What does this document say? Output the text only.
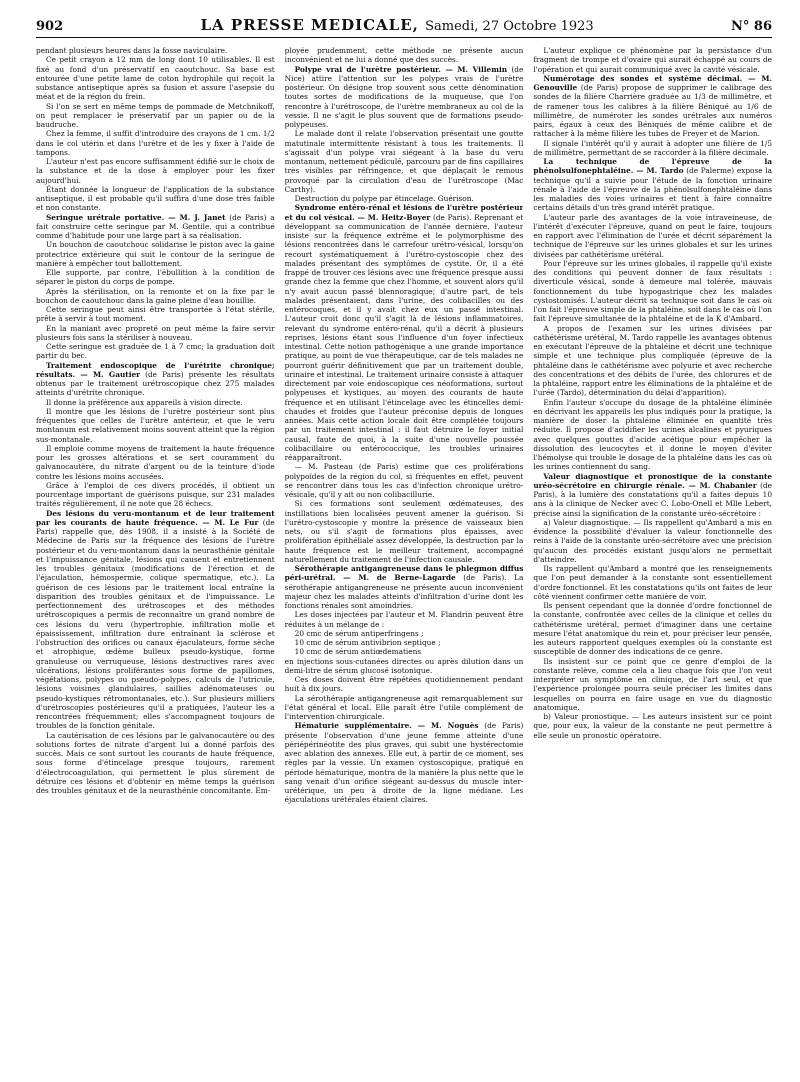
902	LA PRESSE MEDICALE, Samedi, 27 Octobre 1923	N° 86

pendant plusieurs heures dans la fosse naviculaire.

Ce petit crayon a 12 mm de long dont 10 utilisables. Il est fixé au fond d'un préservatif en caoutchouc. Sa base est entourée d'une petite lame de coton hydrophile qui reçoit la substance antiseptique après sa fusion et assure l'asepsie du méat et de la région du frein.

Si l'on se sert en même temps de pommade de Metchnikoff, on peut remplacer le préservatif par un papier ou de la baudruche.

Chez la femme, il suffit d'introduire des crayons de 1 cm. 1/2 dans le col utérin et dans l'urètre et de les y fixer à l'aide de tampons.

L'auteur n'est pas encore suffisamment édifié sur le choix de la substance et de la dose à employer pour les fixer aujourd'hui.

Étant donnée la longueur de l'application de la substance antiseptique, il est probable qu'il suffira d'une dose très faible et non constante.

Seringue urétrale portative. — M. J. Janet (de Paris) a fait construire cette seringue par M. Gentile, qui a contribué comme d'habitude pour une large part à sa réalisation.

Un bouchon de caoutchouc solidarise le piston avec la gaine protectrice extérieure qui suit le contour de la seringue de manière à empêcher tout ballottement.

Elle supporte, par contre, l'ébullition à la condition de séparer le piston du corps de pompe.

Après la stérilisation, on la remonte et on la fixe par le bouchon de caoutchouc dans la gaine pleine d'eau bouillie.

Cette seringue peut ainsi être transportée à l'état stérile, prête à servir à tout moment.

En la maniant avec propreté on peut même la faire servir plusieurs fois sans la stériliser à nouveau.

Cette seringue est graduée de 1 à 7 cmc; la graduation doit partir du bec.

Traitement endoscopique de l'urétrite chronique; résultats. — M. Gautier (de Paris) présente les résultats obtenus par le traitement urétroscopique chez 275 malades atteints d'urétrite chronique.

Il donne la préférence aux appareils à vision directe.

Il montre que les lésions de l'urètre postérieur sont plus fréquentes que celles de l'urètre antérieur, et que le veru montanum est relativement moins souvent atteint que la région sus-montanale.

Il emploie comme moyens de traitement la haute fréquence pour les grosses altérations et se sert couramment du galvanocautère, du nitrate d'argent ou de la teinture d'iode contre les lésions moins accusées.

Grâce à l'emploi de ces divers procédés, il obtient un pourcentage important de guérisons puisque, sur 231 malades traités régulièrement, il ne note que 28 échecs.

Des lésions du veru-montanum et de leur traitement par les courants de haute fréquence. — M. Le Fur (de Paris) rappelle que, dès 1908, il a insisté à la Société de Médecine de Paris sur la fréquence des lésions de l'urètre postérieur et du veru-montanum dans la neurasthénie génitale et l'impuissance génitale, lésions qui causent et entretiennent les troubles génitaux (modifications de l'érection et de l'éjaculation, hémospermie, colique spermatique, etc.). La guérison de ces lésions par le traitement local entraîne la disparition des troubles génitaux et de l'impuissance. Le perfectionnement des urétroscopes et des méthodes urétroscopiques a permis de reconnaître un grand nombre de ces lésions du veru (hypertrophie, infiltration molle et épaississement, infiltration dure entraînant la sclérose et l'obstruction des orifices ou canaux éjaculateurs, forme sèche et atrophique, œdème bulleux pseudo-kystique, forme granuleuse ou verruqueuse, lésions destructives rares avec ulcérations, lésions proliférantes sous forme de papillomes, végétations, polypes ou pseudo-polypes, calculs de l'utricule, lésions voisines glandulaires, saillies adénomateuses ou pseudo-kystiques rétromontanales, etc.). Sur plusieurs milliers d'urétroscopies postérieures qu'il a pratiquées, l'auteur les a rencontrées fréquemment; elles s'accompagnent toujours de troubles de la fonction génitale.

La cautérisation de ces lésions par le galvanocautère ou des solutions fortes de nitrate d'argent lui a donné parfois des succès. Mais ce sont surtout les courants de haute fréquence, sous forme d'étincelage presque toujours, rarement d'électrocoagulation, qui permettent le plus sûrement de détruire ces lésions et d'obtenir en même temps la guérison des troubles génitaux et de la neurasthénie concomitante. Em-

ployée prudemment, cette méthode ne présente aucun inconvénient et ne lui a donné que des succès.

Polype vrai de l'urètre postérieur. — M. Villemin (de Nice) attire l'attention sur les polypes vrais de l'urètre postérieur. On désigne trop souvent sous cette dénomination toutes sortes de modifications de la muqueuse, que l'on rencontre à l'urétroscope, de l'urètre membraneux au col de la vessie. Il ne s'agit le plus souvent que de formations pseudo-polypeuses.

Le malade dont il relate l'observation présentait une goutte matutinale intermittente résistant à tous les traitements. Il s'agissait d'un polype vrai siégeant à la base du veru montanum, nettement pédiculé, parcouru par de fins capillaires très visibles par réfringence, et que déplaçait le remous provoqué par la circulation d'eau de l'urétroscope (Mac Carthy).

Destruction du polype par étincelage. Guérison.

Syndrome entéro-rénal et lésions de l'urètre postérieur et du col vésical. — M. Heitz-Boyer (de Paris). Reprenant et développant sa communication de l'année dernière, l'auteur insiste sur la fréquence extrême et le polymorphisme des lésions rencontrées dans le carrefour urétro-vésical, lorsqu'on recourt systématiquement à l'urétro-cystoscopie chez des malades présentant des symptômes de cystite. Or, il a été frappé de trouver ces lésions avec une fréquence presque aussi grande chez la femme que chez l'homme, et souvent alors qu'il n'y avait aucun passé blennoragique; d'autre part, de tels malades présentaient, dans l'urine, des colibacilles ou des entérocoques, et il y avait chez eux un passé intestinal. L'auteur croit donc qu'il s'agit là de lésions inflammatoires, relevant du syndrome entéro-rénal, qu'il a décrit à plusieurs reprises, lésions étant sous l'influence d'un foyer infectieux intestinal. Cette notion pathogénique a une grande importance pratique, au point de vue thérapeutique, car de tels malades ne pourront guérir définitivement que par un traitement double, urinaire et intestinal. Le traitement urinaire consiste à attaquer directement par voie endoscopique ces néoformations, surtout polypeuses et kystiques, au moyen des courants de haute fréquence et en utilisant l'étincelage avec les étincelles demi-chaudes et froides que l'auteur préconise depuis de longues années. Mais cette action locale doit être complétée toujours par un traitement intestinal : il faut détruire le foyer initial causal, faute de quoi, à la suite d'une nouvelle poussée colibacillaire ou entérococcique, les troubles urinaires réapparaîtront.

— M. Pasteau (de Paris) estime que ces proliférations polypoïdes de la région du col, si fréquentes en effet, peuvent se rencontrer dans tous les cas d'infection chronique urétro-vésicale, qu'il y ait ou non colibacillurie.

Si ces formations sont seulement œdémateuses, des instillations bien localisées peuvent amener la guérison. Si l'urétro-cystoscopie y montre la présence de vaisseaux bien nets, ou s'il s'agit de formations plus épaisses, avec prolifération épithéliale assez développée, la destruction par la haute fréquence est le meilleur traitement, accompagné naturellement du traitement de l'infection causale.

Sérothérapie antigangreneuse dans le phlegmon diffus péri-urétral. — M. de Berne-Lagarde (de Paris). La sérothérapie antigangreneuse ne présente aucun inconvénient majeur chez les malades atteints d'infiltration d'urine dont les fonctions rénales sont amoindries.

Les doses injectées par l'auteur et M. Flandrin peuvent être réduites à un mélange de :

20 cmc de sérum antiperfringens ;

10 cmc de sérum antivibrion septique ;

10 cmc de sérum antiœdematiens

en injections sous-cutanées directes ou après dilution dans un demi-litre de sérum glucosé isotonique.

Ces doses doivent être répétées quotidiennement pendant huit à dix jours.

La sérothérapie antigangreneuse agit remarquablement sur l'état général et local. Elle paraît être l'utile complément de l'intervention chirurgicale.

Hématurie supplémentaire. — M. Noguès (de Paris) présente l'observation d'une jeune femme atteinte d'une périépérinéotite des plus graves, qui subit une hystérectomie avec ablation des annexes. Elle eut, à partir de ce moment, ses règles par la vessie. Un examen cystoscopique, pratiqué en période hématurique, montra de la manière la plus nette que le sang venait d'un orifice siégeant au-dessus du muscle inter-urétérique, un peu à droite de la ligne médiane. Les éjaculations urétérales étaient claires.

L'auteur explique ce phénomène par la persistance d'un fragment de trompe et d'ovaire qui aurait échappé au cours de l'opération et qui aurait communiqué avec la cavité vésicale.

Numérotage des sondes et système décimal. — M. Genouville (de Paris) propose de supprimer le calibrage des sondes de la filière Charrière graduée au 1/3 de millimètre, et de ramener tous les calibres à la filière Béniqué au 1/6 de millimètre, de numéroter les sondes urétrales aux numéros pairs, égaux à ceux des Béniqués de même calibre et de rattacher à la même filière les tubes de Freyer et de Marion.

Il signale l'intérêt qu'il y aurait à adopter une filière de 1/5 de millimètre, permettant de se raccorder à la filière décimale.

La technique de l'épreuve de la phénolsulfonephtaléine. — M. Tardo (de Palerme) expose la technique qu'il a suivie pour l'étude de la fonction urinaire rénale à l'aide de l'épreuve de la phénolsulfonephtaléine dans les maladies des voies urinaires et tient à faire connaître certains détails d'un très grand intérêt pratique.

L'auteur parle des avantages de la voie intraveineuse, de l'intérêt d'exécuter l'épreuve, quand on peut le faire, toujours en rapport avec l'élimination de l'urée et décrit séparément la technique de l'épreuve sur les urines globales et sur les urines divisées par cathétérisme urétéral.

Pour l'épreuve sur les urines globales, il rappelle qu'il existe des conditions qui peuvent donner de faux résultats : diverticule vésical, sonde à demeure mal tolérée, mauvais fonctionnement du tube hypogastrique chez les malades cystostomisés. L'auteur décrit sa technique soit dans le cas où l'on fait l'épreuve simple de la phtaléine, soit dans le cas où l'on fait l'épreuve simultanée de la phtaléine et de la K d'Ambard.

A propos de l'examen sur les urines divisées par cathétérisme urétéral, M. Tardo rappelle les avantages obtenus en exécutant l'épreuve de la phtaléine et décrit une technique simple et une technique plus compliquée (épreuve de la phtaléine dans le cathétérisme avec polyurie et avec recherche des concentrations et des débits de l'urée, des chlorures et de la phtaléine, rapport entre les éliminations de la phtaléine et de l'urée (Tardo), détermination du délai d'apparition).

Enfin l'auteur s'occupe du dosage de la phtaléine éliminée en décrivant les appareils les plus indiqués pour la pratique, la manière de doser la phtaléine éliminée en quantité très réduite. Il propose d'acidifier les urines alcalines et pyuriques avec quelques gouttes d'acide acétique pour empêcher la dissolution des leucocytes et il donne le moyen d'éviter l'hémolyse qui trouble le dosage de la phtaléine dans les cas où les urines contiennent du sang.

Valeur diagnostique et pronostique de la constante uréo-sécrétoire en chirurgie rénale. — M. Chabanier (de Paris), à la lumière des constatations qu'il a faites depuis 10 ans à la clinique de Necker avec C. Lobo-Onell et Mlle Lebert, précise ainsi la signification de la constante uréo-sécrétoire :

a) Valeur diagnostique. — Ils rappellent qu'Ambard a mis en évidence la possibilité d'évaluer la valeur fonctionnelle des reins à l'aide de la constante uréo-sécrétoire avec une précision qu'aucun des procédés existant jusqu'alors ne permettait d'atteindre.

Ils rappellent qu'Ambard a montré que les renseignements que l'on peut demander à la constante sont essentiellement d'ordre fonctionnel. Et les constatations qu'ils ont faites de leur côté viennent confirmer cette manière de voir.

Ils pensent cependant que la donnée d'ordre fonctionnel de la constante, confrontée avec celles de la clinique et celles du cathétérisme urétéral, permet d'imaginer dans une certaine mesure l'état anatomique du rein et, pour préciser leur pensée, les auteurs rapportent quelques exemples où la constante est susceptible de donner des indications de ce genre.

Ils insistent sur ce point que ce genre d'emploi de la constante relève, comme cela a lieu chaque fois que l'on veut interpréter un symptôme en clinique, de l'art seul, et que l'expérience prolongée pourra seule préciser les limites dans lesquelles on pourra en faire usage en vue du diagnostic anatomique.

b) Valeur pronostique. — Les auteurs insistent sur ce point que, pour eux, la valeur de la constante ne peut permettre à elle seule un pronostic opératoire.
